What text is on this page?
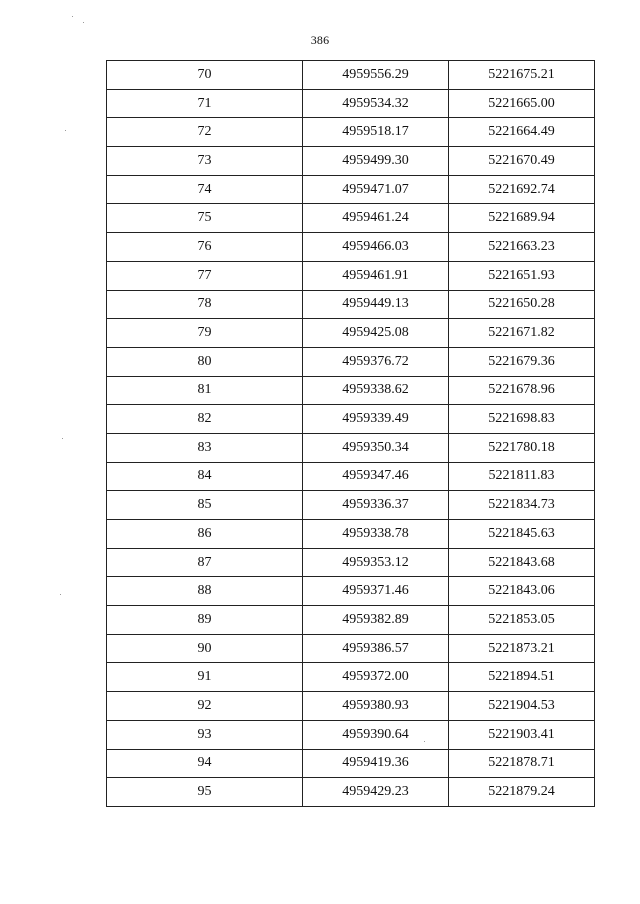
386
70	4959556.29	5221675.21
71	4959534.32	5221665.00
72	4959518.17	5221664.49
73	4959499.30	5221670.49
74	4959471.07	5221692.74
75	4959461.24	5221689.94
76	4959466.03	5221663.23
77	4959461.91	5221651.93
78	4959449.13	5221650.28
79	4959425.08	5221671.82
80	4959376.72	5221679.36
81	4959338.62	5221678.96
82	4959339.49	5221698.83
83	4959350.34	5221780.18
84	4959347.46	5221811.83
85	4959336.37	5221834.73
86	4959338.78	5221845.63
87	4959353.12	5221843.68
88	4959371.46	5221843.06
89	4959382.89	5221853.05
90	4959386.57	5221873.21
91	4959372.00	5221894.51
92	4959380.93	5221904.53
93	4959390.64	5221903.41
94	4959419.36	5221878.71
95	4959429.23	5221879.24
